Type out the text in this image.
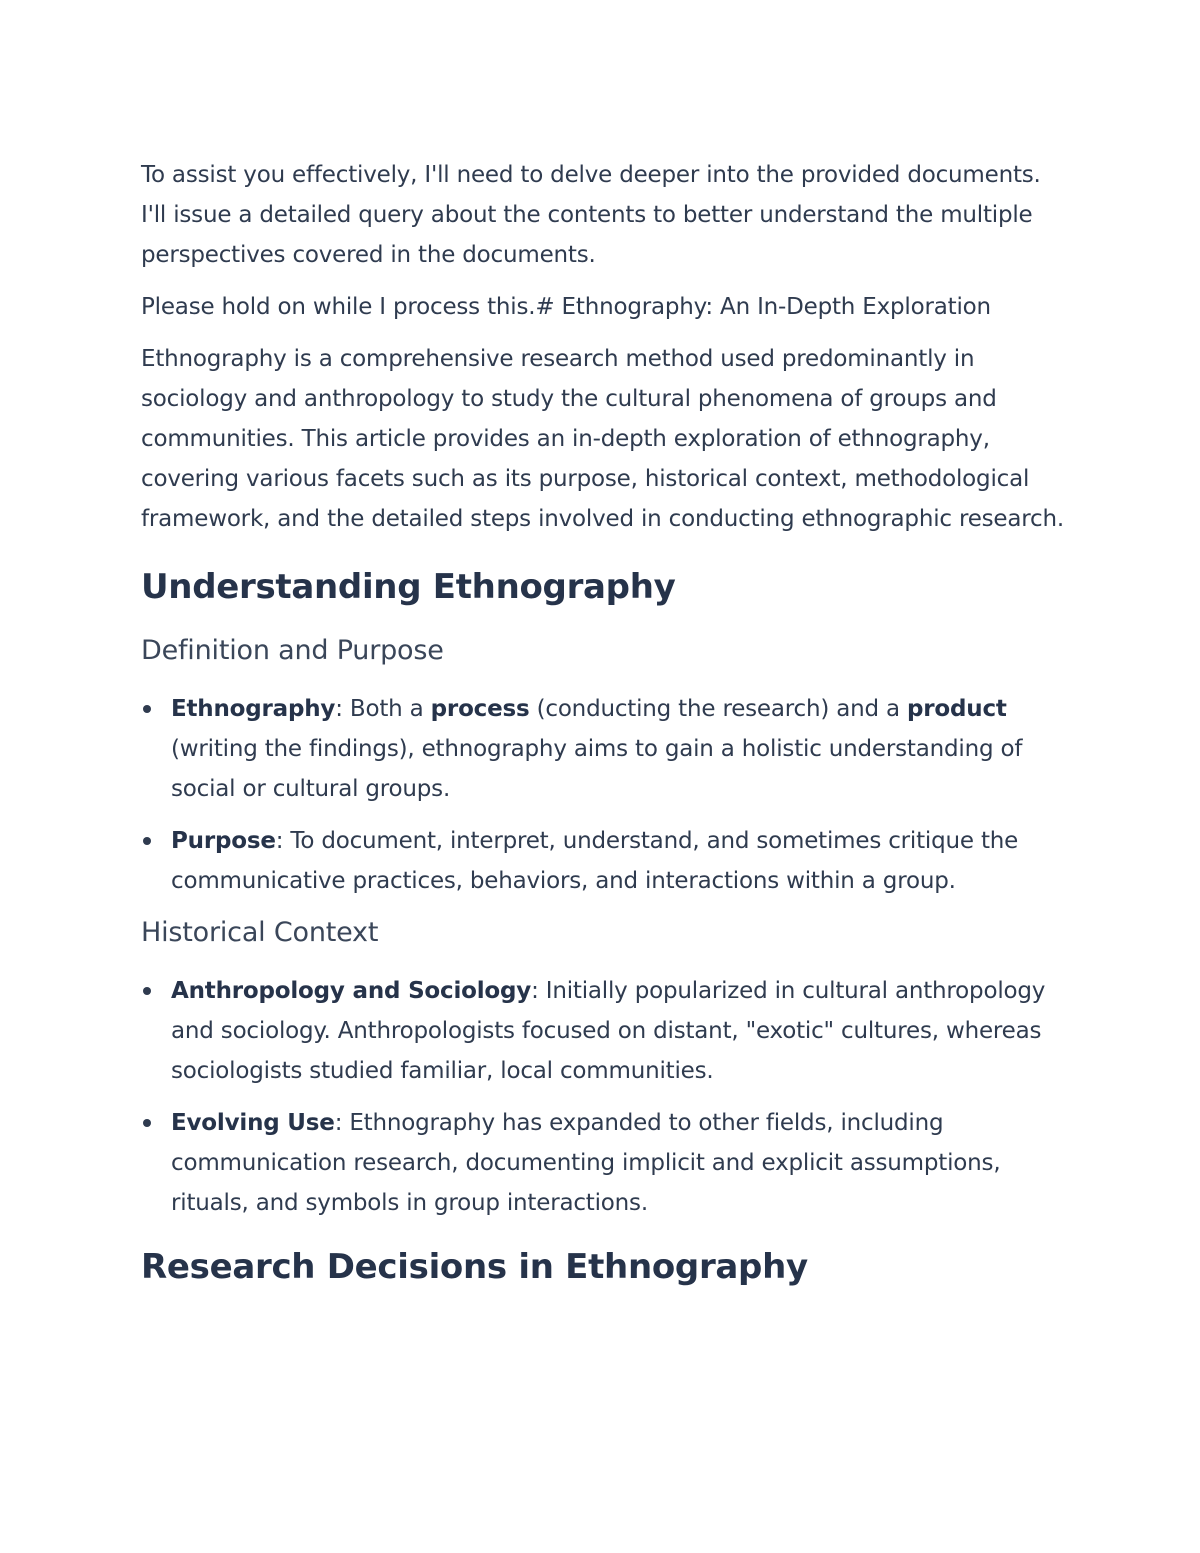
To assist you effectively, I'll need to delve deeper into the provided documents. I'll issue a detailed query about the contents to better understand the multiple perspectives covered in the documents.

Please hold on while I process this.# Ethnography: An In-Depth Exploration

Ethnography is a comprehensive research method used predominantly in sociology and anthropology to study the cultural phenomena of groups and communities. This article provides an in-depth exploration of ethnography, covering various facets such as its purpose, historical context, methodological framework, and the detailed steps involved in conducting ethnographic research.

Understanding Ethnography
Definition and Purpose
Ethnography: Both a process (conducting the research) and a product (writing the findings), ethnography aims to gain a holistic understanding of social or cultural groups.
Purpose: To document, interpret, understand, and sometimes critique the communicative practices, behaviors, and interactions within a group.
Historical Context
Anthropology and Sociology: Initially popularized in cultural anthropology and sociology. Anthropologists focused on distant, "exotic" cultures, whereas sociologists studied familiar, local communities.
Evolving Use: Ethnography has expanded to other fields, including communication research, documenting implicit and explicit assumptions, rituals, and symbols in group interactions.
Research Decisions in Ethnography
